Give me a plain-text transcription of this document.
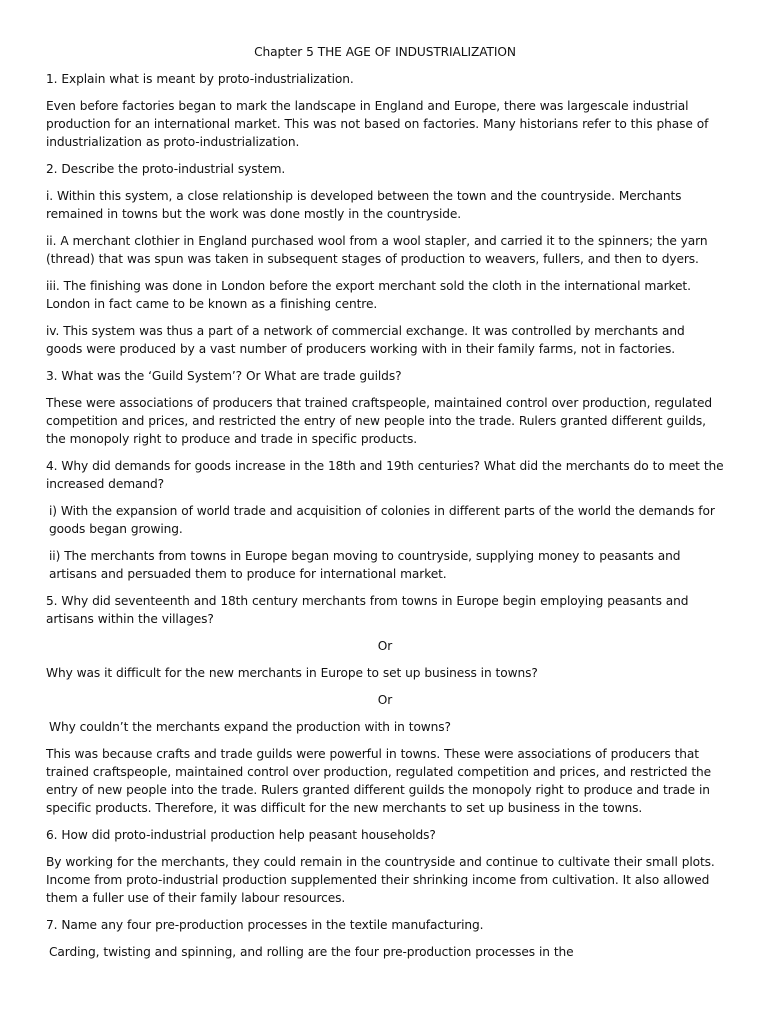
Chapter 5 THE AGE OF INDUSTRIALIZATION

1. Explain what is meant by proto-industrialization.

Even before factories began to mark the landscape in England and Europe, there was largescale industrial production for an international market. This was not based on factories. Many historians refer to this phase of industrialization as proto-industrialization.

2. Describe the proto-industrial system.

i. Within this system, a close relationship is developed between the town and the countryside. Merchants remained in towns but the work was done mostly in the countryside.

ii. A merchant clothier in England purchased wool from a wool stapler, and carried it to the spinners; the yarn (thread) that was spun was taken in subsequent stages of production to weavers, fullers, and then to dyers.

iii. The finishing was done in London before the export merchant sold the cloth in the international market. London in fact came to be known as a finishing centre.

iv. This system was thus a part of a network of commercial exchange. It was controlled by merchants and goods were produced by a vast number of producers working with in their family farms, not in factories.

3. What was the ‘Guild System’? Or What are trade guilds?

These were associations of producers that trained craftspeople, maintained control over production, regulated competition and prices, and restricted the entry of new people into the trade. Rulers granted different guilds, the monopoly right to produce and trade in specific products.

4. Why did demands for goods increase in the 18th and 19th centuries? What did the merchants do to meet the increased demand?

i) With the expansion of world trade and acquisition of colonies in different parts of the world the demands for goods began growing.

ii) The merchants from towns in Europe began moving to countryside, supplying money to peasants and artisans and persuaded them to produce for international market.

5. Why did seventeenth and 18th century merchants from towns in Europe begin employing peasants and artisans within the villages?

Or

Why was it difficult for the new merchants in Europe to set up business in towns?

Or

Why couldn’t the merchants expand the production with in towns?

This was because crafts and trade guilds were powerful in towns. These were associations of producers that trained craftspeople, maintained control over production, regulated competition and prices, and restricted the entry of new people into the trade. Rulers granted different guilds the monopoly right to produce and trade in specific products. Therefore, it was difficult for the new merchants to set up business in the towns.

6. How did proto-industrial production help peasant households?

By working for the merchants, they could remain in the countryside and continue to cultivate their small plots. Income from proto-industrial production supplemented their shrinking income from cultivation. It also allowed them a fuller use of their family labour resources.

7. Name any four pre-production processes in the textile manufacturing.

Carding, twisting and spinning, and rolling are the four pre-production processes in the
